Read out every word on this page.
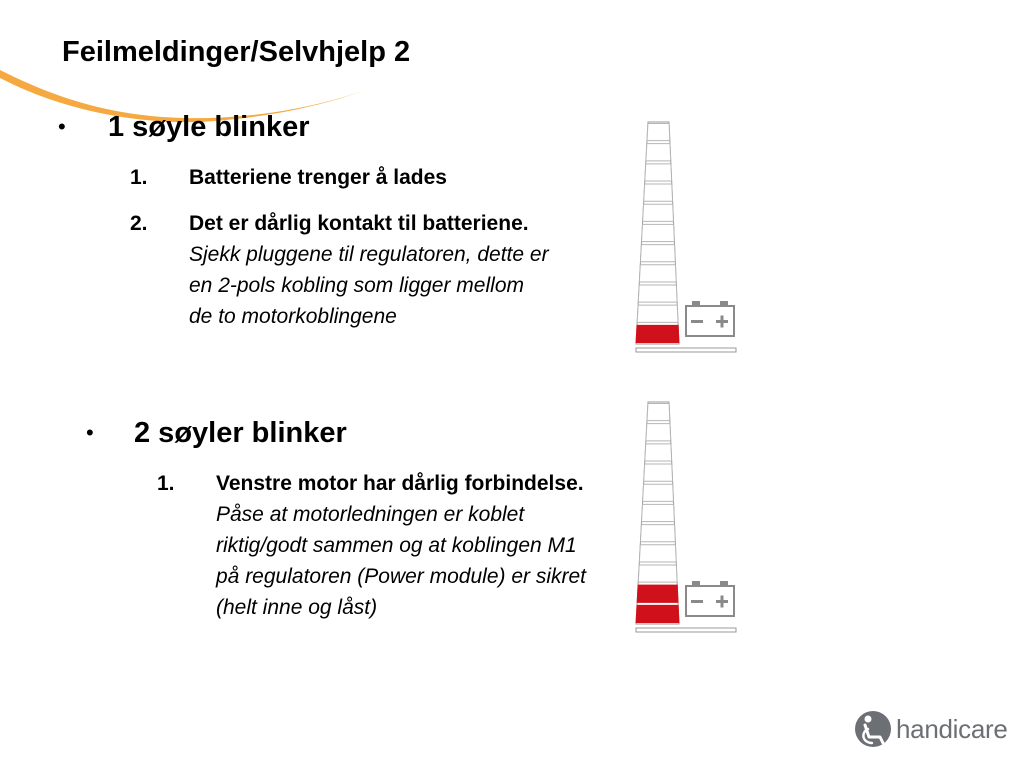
Feilmeldinger/Selvhjelp 2
• 1 søyle blinker
1. Batteriene trenger å lades
2. Det er dårlig kontakt til batteriene.
Sjekk pluggene til regulatoren, dette er en 2-pols kobling som ligger mellom de to motorkoblingene
• 2 søyler blinker
1. Venstre motor har dårlig forbindelse.
Påse at motorledningen er koblet riktig/godt sammen og at koblingen M1 på regulatoren (Power module) er sikret (helt inne og låst)
handicare
